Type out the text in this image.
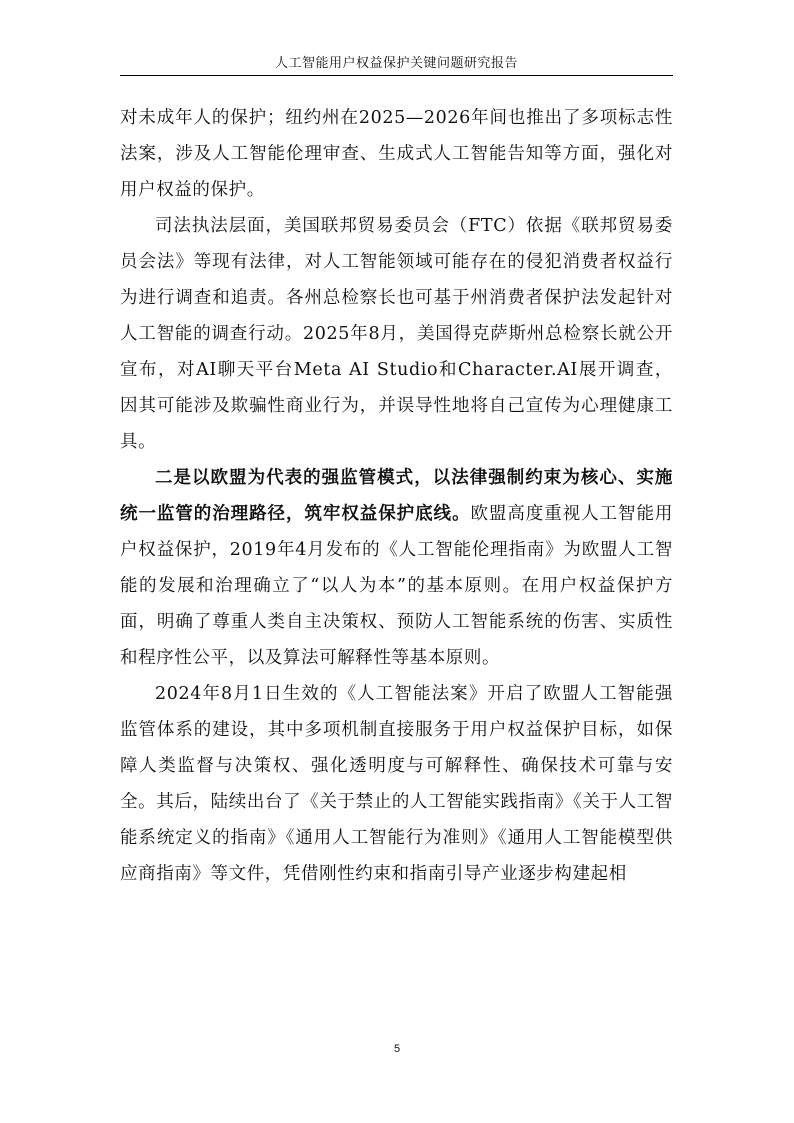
人工智能用户权益保护关键问题研究报告

对未成年人的保护；纽约州在2025—2026年间也推出了多项标志性法案，涉及人工智能伦理审查、生成式人工智能告知等方面，强化对用户权益的保护。

司法执法层面，美国联邦贸易委员会（FTC）依据《联邦贸易委员会法》等现有法律，对人工智能领域可能存在的侵犯消费者权益行为进行调查和追责。各州总检察长也可基于州消费者保护法发起针对人工智能的调查行动。2025年8月，美国得克萨斯州总检察长就公开宣布，对AI聊天平台Meta AI Studio和Character.AI展开调查，因其可能涉及欺骗性商业行为，并误导性地将自己宣传为心理健康工具。

二是以欧盟为代表的强监管模式，以法律强制约束为核心、实施统一监管的治理路径，筑牢权益保护底线。欧盟高度重视人工智能用户权益保护，2019年4月发布的《人工智能伦理指南》为欧盟人工智能的发展和治理确立了“以人为本”的基本原则。在用户权益保护方面，明确了尊重人类自主决策权、预防人工智能系统的伤害、实质性和程序性公平，以及算法可解释性等基本原则。

2024年8月1日生效的《人工智能法案》开启了欧盟人工智能强监管体系的建设，其中多项机制直接服务于用户权益保护目标，如保障人类监督与决策权、强化透明度与可解释性、确保技术可靠与安全。其后，陆续出台了《关于禁止的人工智能实践指南》《关于人工智能系统定义的指南》《通用人工智能行为准则》《通用人工智能模型供应商指南》等文件，凭借刚性约束和指南引导产业逐步构建起相

5
